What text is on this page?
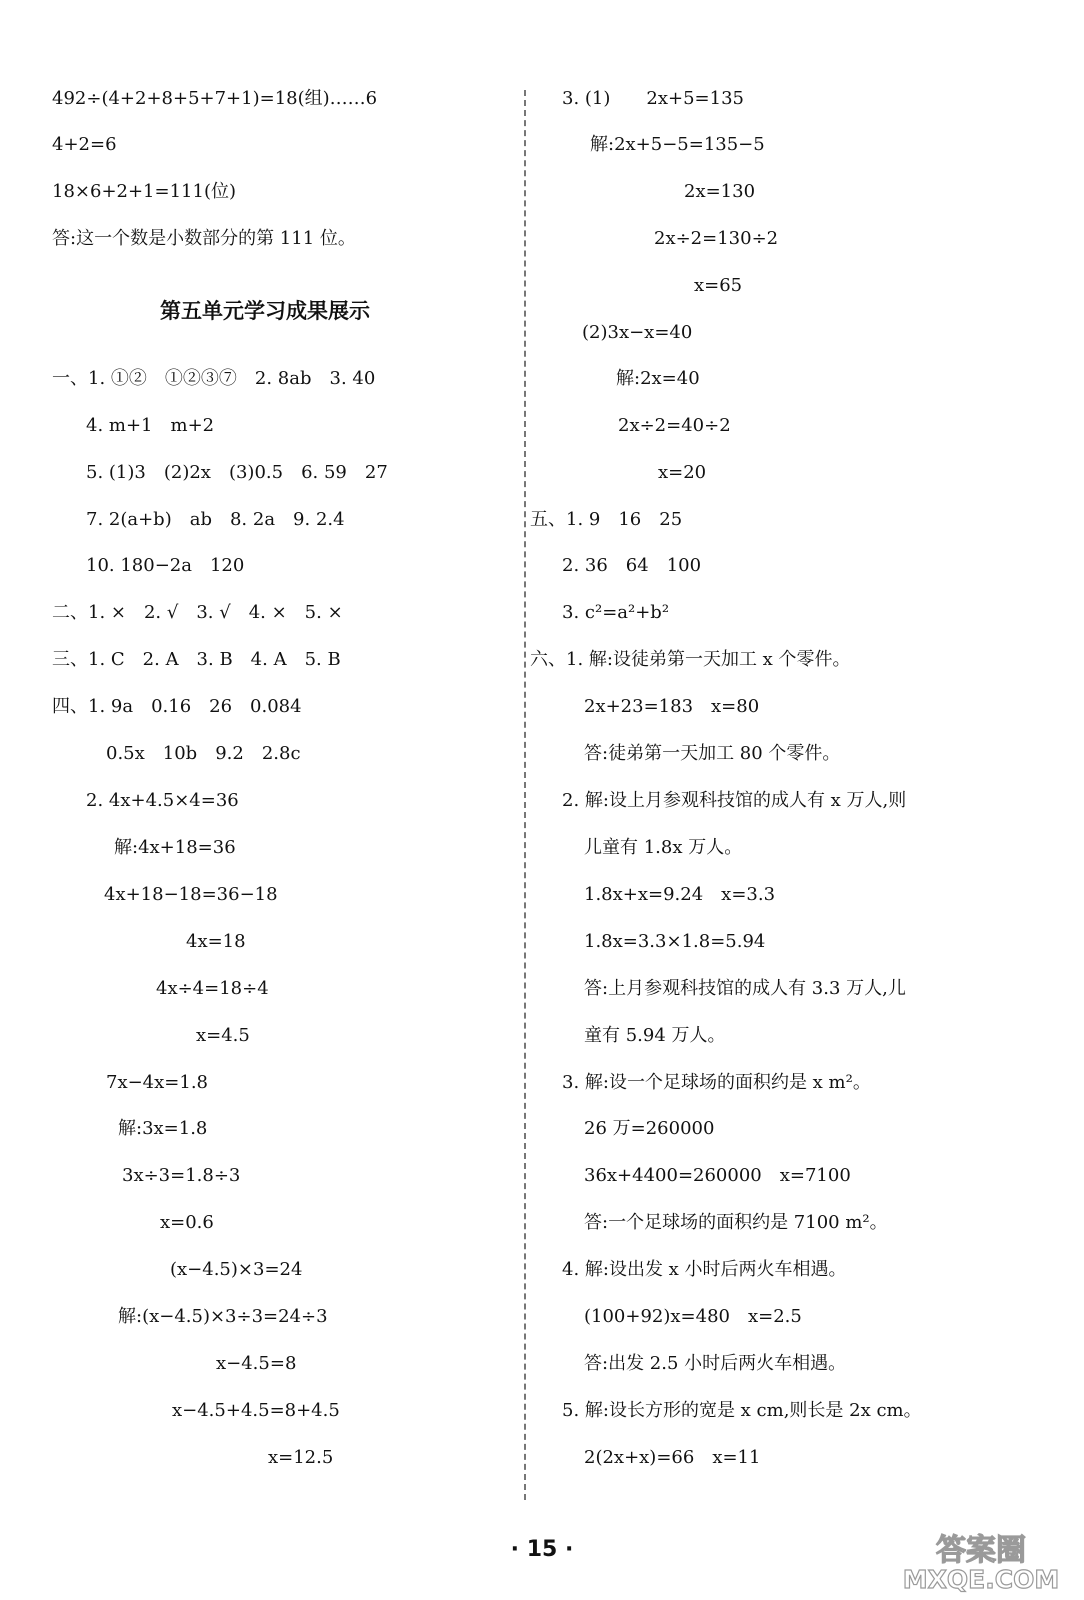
492÷(4+2+8+5+7+1)=18(组)……6
4+2=6
18×6+2+1=111(位)
答:这一个数是小数部分的第 111 位。
第五单元学习成果展示
一、1. ①②　①②③⑦　2. 8ab　3. 40
4. m+1　m+2
5. (1)3　(2)2x　(3)0.5　6. 59　27
7. 2(a+b)　ab　8. 2a　9. 2.4
10. 180−2a　120
二、1. ×　2. √　3. √　4. ×　5. ×
三、1. C　2. A　3. B　4. A　5. B
四、1. 9a　0.16　26　0.084
0.5x　10b　9.2　2.8c
2. 4x+4.5×4=36
解:4x+18=36
4x+18−18=36−18
4x=18
4x÷4=18÷4
x=4.5
7x−4x=1.8
解:3x=1.8
3x÷3=1.8÷3
x=0.6
(x−4.5)×3=24
解:(x−4.5)×3÷3=24÷3
x−4.5=8
x−4.5+4.5=8+4.5
x=12.5
3. (1)　　2x+5=135
解:2x+5−5=135−5
2x=130
2x÷2=130÷2
x=65
(2)3x−x=40
解:2x=40
2x÷2=40÷2
x=20
五、1. 9　16　25
2. 36　64　100
3. c²=a²+b²
六、1. 解:设徒弟第一天加工 x 个零件。
2x+23=183　x=80
答:徒弟第一天加工 80 个零件。
2. 解:设上月参观科技馆的成人有 x 万人,则
儿童有 1.8x 万人。
1.8x+x=9.24　x=3.3
1.8x=3.3×1.8=5.94
答:上月参观科技馆的成人有 3.3 万人,儿
童有 5.94 万人。
3. 解:设一个足球场的面积约是 x m²。
26 万=260000
36x+4400=260000　x=7100
答:一个足球场的面积约是 7100 m²。
4. 解:设出发 x 小时后两火车相遇。
(100+92)x=480　x=2.5
答:出发 2.5 小时后两火车相遇。
5. 解:设长方形的宽是 x cm,则长是 2x cm。
2(2x+x)=66　x=11
· 15 ·	答案圈
MXQE.COM
